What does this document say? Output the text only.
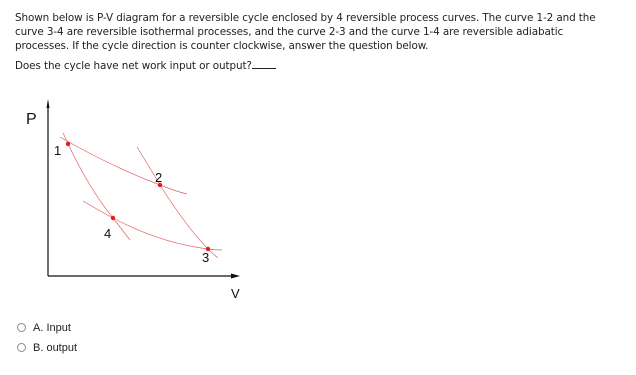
Shown below is P-V diagram for a reversible cycle enclosed by 4 reversible process curves. The curve 1-2 and the curve 3-4 are reversible isothermal processes, and the curve 2-3 and the curve 1-4 are reversible adiabatic processes. If the cycle direction is counter clockwise, answer the question below.

Does the cycle have net work input or output?

P
V
1
2
3
4
A. Input
B. output
